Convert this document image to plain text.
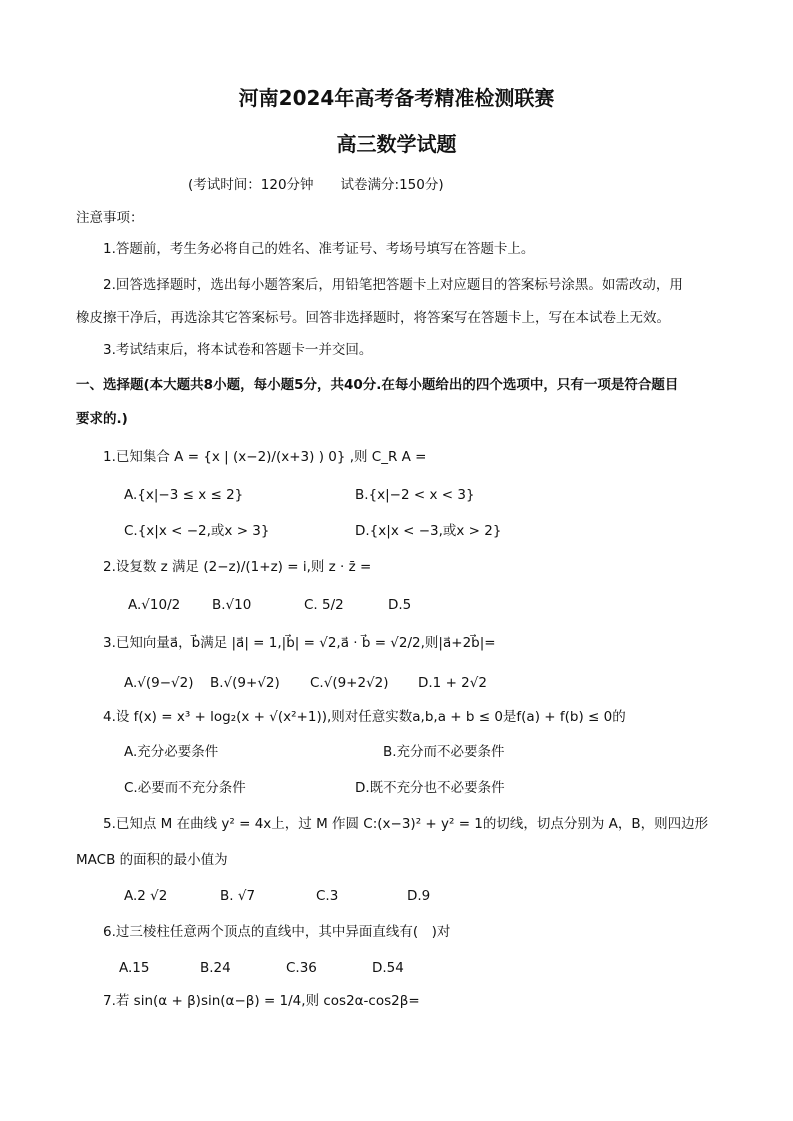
河南2024年高考备考精准检测联赛
高三数学试题
(考试时间：120分钟　　试卷满分:150分)
注意事项：
1.答题前，考生务必将自己的姓名、准考证号、考场号填写在答题卡上。
2.回答选择题时，选出每小题答案后，用铅笔把答题卡上对应题目的答案标号涂黑。如需改动，用
橡皮擦干净后，再选涂其它答案标号。回答非选择题时，将答案写在答题卡上，写在本试卷上无效。
3.考试结束后，将本试卷和答题卡一并交回。
一、选择题(本大题共8小题，每小题5分，共40分.在每小题给出的四个选项中，只有一项是符合题目
要求的.)
1.已知集合 A = {x | (x−2)/(x+3) ) 0} ,则 C_R A =
A.{x|−3 ≤ x ≤ 2}	B.{x|−2 < x < 3}
C.{x|x < −2,或x > 3}	D.{x|x < −3,或x > 2}
2.设复数 z 满足 (2−z)/(1+z) = i,则 z · z̄ =
A.√10/2 B.√10	C. 5/2	D.5
3.已知向量a⃗，b⃗满足 |a⃗| = 1,|b⃗| = √2,a⃗ · b⃗ = √2/2,则|a⃗+2b⃗|=
A.√(9−√2) B.√(9+√2) C.√(9+2√2) D.1 + 2√2
4.设 f(x) = x³ + log₂(x + √(x²+1)),则对任意实数a,b,a + b ≤ 0是f(a) + f(b) ≤ 0的
A.充分必要条件	B.充分而不必要条件
C.必要而不充分条件	D.既不充分也不必要条件
5.已知点 M 在曲线 y² = 4x上，过 M 作圆 C:(x−3)² + y² = 1的切线，切点分别为 A，B，则四边形
MACB 的面积的最小值为
A.2 √2	B. √7	C.3	D.9
6.过三棱柱任意两个顶点的直线中，其中异面直线有(　)对
A.15	B.24	C.36	D.54
7.若 sin(α + β)sin(α−β) = 1/4,则 cos2α-cos2β=
